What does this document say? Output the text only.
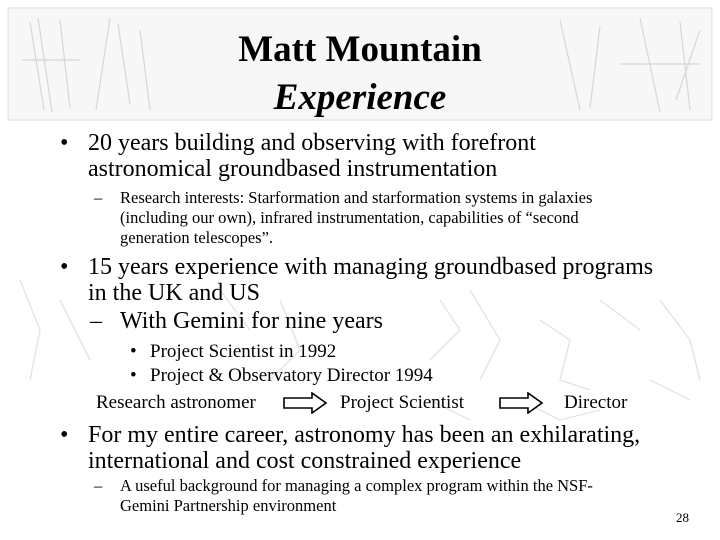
Matt Mountain
Experience
• 20 years building and observing with forefront
astronomical groundbased instrumentation
– Research interests: Starformation and starformation systems in galaxies
(including our own), infrared instrumentation, capabilities of “second
generation telescopes”.
• 15 years experience with managing groundbased programs
in the UK and US
– With Gemini for nine years
• Project Scientist in 1992
• Project & Observatory Director 1994
Research astronomer	Project Scientist	Director
• For my entire career, astronomy has been an exhilarating,
international and cost constrained experience
– A useful background for managing a complex program within the NSF-
Gemini Partnership environment
28
